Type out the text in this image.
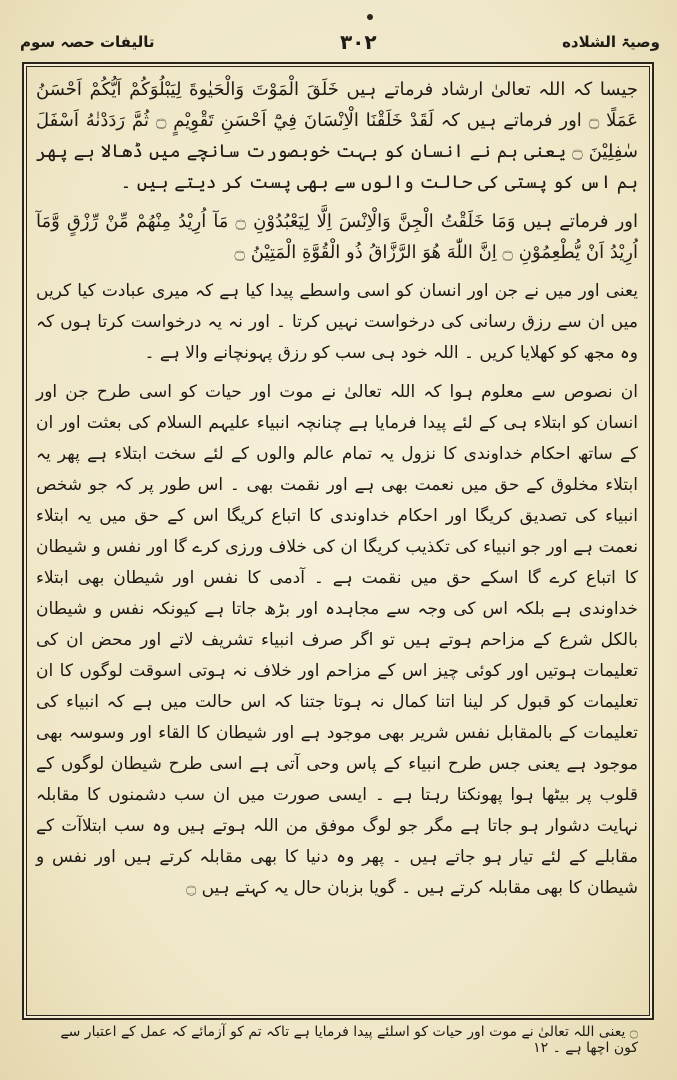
تالیفات حصہ سوم	۳۰۲	وصیۃ الشلاده

جیسا کہ اللہ تعالیٰ ارشاد فرماتے ہیں خَلَقَ الْمَوْتَ وَالْحَيٰوةَ لِيَبْلُوَكُمْ اَيُّكُمْ اَحْسَنُ عَمَلًا ۝ اور فرماتے ہیں کہ لَقَدْ خَلَقْنَا الْاِنْسَانَ فِيْٓ اَحْسَنِ تَقْوِيْمٍ ۝ ثُمَّ رَدَدْنٰهُ اَسْفَلَ سٰفِلِيْنَ ۝ یعنی ہم نے انسان کو بہت خوبصورت سانچے میں ڈھالا ہے پھر ہم اس کو پستی کی حالت والوں سے بھی پست کر دیتے ہیں ۔

اور فرماتے ہیں وَمَا خَلَقْتُ الْجِنَّ وَالْاِنْسَ اِلَّا لِيَعْبُدُوْنِ ۝ مَآ اُرِيْدُ مِنْهُمْ مِّنْ رِّزْقٍ وَّمَآ اُرِيْدُ اَنْ يُّطْعِمُوْنِ ۝ اِنَّ اللّٰهَ هُوَ الرَّزَّاقُ ذُو الْقُوَّةِ الْمَتِيْنُ ۝

یعنی اور میں نے جن اور انسان کو اسی واسطے پیدا کیا ہے کہ میری عبادت کیا کریں میں ان سے رزق رسانی کی درخواست نہیں کرتا ۔ اور نہ یہ درخواست کرتا ہوں کہ وہ مجھ کو کھلایا کریں ۔ اللہ خود ہی سب کو رزق پہونچانے والا ہے ۔

ان نصوص سے معلوم ہوا کہ اللہ تعالیٰ نے موت اور حیات کو اسی طرح جن اور انسان کو ابتلاء ہی کے لئے پیدا فرمایا ہے چنانچہ انبیاء علیہم السلام کی بعثت اور ان کے ساتھ احکام خداوندی کا نزول یہ تمام عالم والوں کے لئے سخت ابتلاء ہے پھر یہ ابتلاء مخلوق کے حق میں نعمت بھی ہے اور نقمت بھی ۔ اس طور پر کہ جو شخص انبیاء کی تصدیق کریگا اور احکام خداوندی کا اتباع کریگا اس کے حق میں یہ ابتلاء نعمت ہے اور جو انبیاء کی تکذیب کریگا ان کی خلاف ورزی کرے گا اور نفس و شیطان کا اتباع کرے گا اسکے حق میں نقمت ہے ۔ آدمی کا نفس اور شیطان بھی ابتلاء خداوندی ہے بلکہ اس کی وجہ سے مجاہدہ اور بڑھ جاتا ہے کیونکہ نفس و شیطان بالکل شرع کے مزاحم ہوتے ہیں تو اگر صرف انبیاء تشریف لاتے اور محض ان کی تعلیمات ہوتیں اور کوئی چیز اس کے مزاحم اور خلاف نہ ہوتی اسوقت لوگوں کا ان تعلیمات کو قبول کر لینا اتنا کمال نہ ہوتا جتنا کہ اس حالت میں ہے کہ انبیاء کی تعلیمات کے بالمقابل نفس شریر بھی موجود ہے اور شیطان کا القاء اور وسوسہ بھی موجود ہے یعنی جس طرح انبیاء کے پاس وحی آتی ہے اسی طرح شیطان لوگوں کے قلوب پر بیٹھا ہوا پھونکتا رہتا ہے ۔ ایسی صورت میں ان سب دشمنوں کا مقابلہ نہایت دشوار ہو جاتا ہے مگر جو لوگ موفق من اللہ ہوتے ہیں وہ سب ابتلاآت کے مقابلے کے لئے تیار ہو جاتے ہیں ۔ پھر وہ دنیا کا بھی مقابلہ کرتے ہیں اور نفس و شیطان کا بھی مقابلہ کرتے ہیں ۔ گویا بزبان حال یہ کہتے ہیں ۝

۝ یعنی اللہ تعالیٰ نے موت اور حیات کو اسلئے پیدا فرمایا ہے تاکہ تم کو آزمائے کہ عمل کے اعتبار سے کون اچھا ہے ۔ ۱۲
